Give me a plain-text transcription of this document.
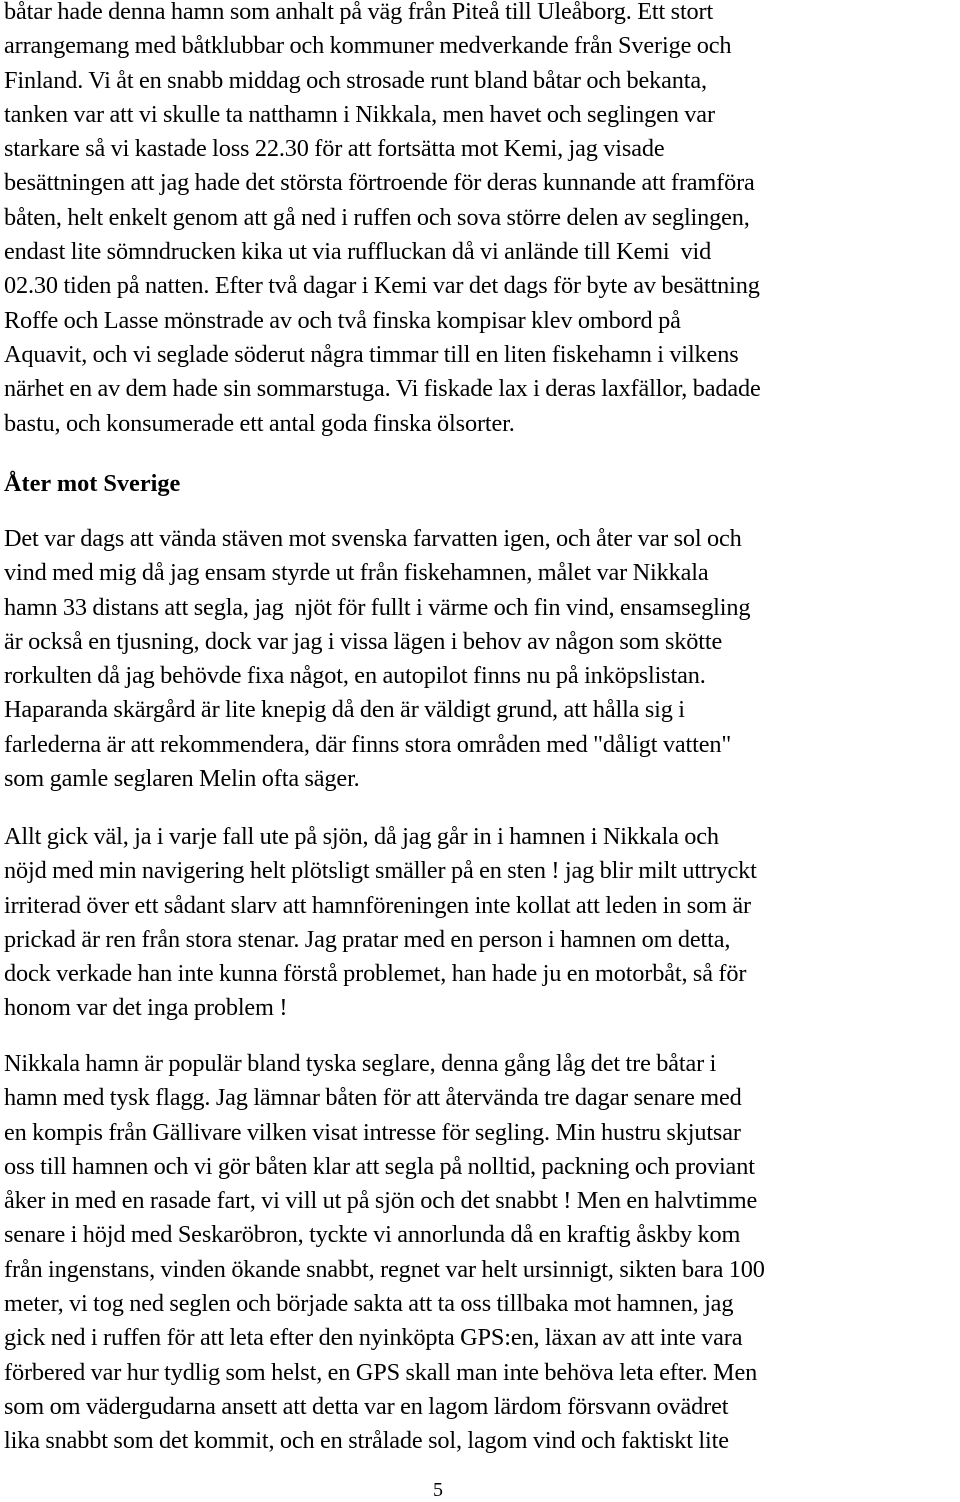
båtar hade denna hamn som anhalt på väg från Piteå till Uleåborg. Ett stort
arrangemang med båtklubbar och kommuner medverkande från Sverige och
Finland. Vi åt en snabb middag och strosade runt bland båtar och bekanta,
tanken var att vi skulle ta natthamn i Nikkala, men havet och seglingen var
starkare så vi kastade loss 22.30 för att fortsätta mot Kemi, jag visade
besättningen att jag hade det största förtroende för deras kunnande att framföra
båten, helt enkelt genom att gå ned i ruffen och sova större delen av seglingen,
endast lite sömndrucken kika ut via ruffluckan då vi anlände till Kemi  vid
02.30 tiden på natten. Efter två dagar i Kemi var det dags för byte av besättning
Roffe och Lasse mönstrade av och två finska kompisar klev ombord på
Aquavit, och vi seglade söderut några timmar till en liten fiskehamn i vilkens
närhet en av dem hade sin sommarstuga. Vi fiskade lax i deras laxfällor, badade
bastu, och konsumerade ett antal goda finska ölsorter.

Åter mot Sverige

Det var dags att vända stäven mot svenska farvatten igen, och åter var sol och
vind med mig då jag ensam styrde ut från fiskehamnen, målet var Nikkala
hamn 33 distans att segla, jag  njöt för fullt i värme och fin vind, ensamsegling
är också en tjusning, dock var jag i vissa lägen i behov av någon som skötte
rorkulten då jag behövde fixa något, en autopilot finns nu på inköpslistan.
Haparanda skärgård är lite knepig då den är väldigt grund, att hålla sig i
farlederna är att rekommendera, där finns stora områden med "dåligt vatten"
som gamle seglaren Melin ofta säger.

Allt gick väl, ja i varje fall ute på sjön, då jag går in i hamnen i Nikkala och
nöjd med min navigering helt plötsligt smäller på en sten ! jag blir milt uttryckt
irriterad över ett sådant slarv att hamnföreningen inte kollat att leden in som är
prickad är ren från stora stenar. Jag pratar med en person i hamnen om detta,
dock verkade han inte kunna förstå problemet, han hade ju en motorbåt, så för
honom var det inga problem !

Nikkala hamn är populär bland tyska seglare, denna gång låg det tre båtar i
hamn med tysk flagg. Jag lämnar båten för att återvända tre dagar senare med
en kompis från Gällivare vilken visat intresse för segling. Min hustru skjutsar
oss till hamnen och vi gör båten klar att segla på nolltid, packning och proviant
åker in med en rasade fart, vi vill ut på sjön och det snabbt ! Men en halvtimme
senare i höjd med Seskaröbron, tyckte vi annorlunda då en kraftig åskby kom
från ingenstans, vinden ökande snabbt, regnet var helt ursinnigt, sikten bara 100
meter, vi tog ned seglen och började sakta att ta oss tillbaka mot hamnen, jag
gick ned i ruffen för att leta efter den nyinköpta GPS:en, läxan av att inte vara
förbered var hur tydlig som helst, en GPS skall man inte behöva leta efter. Men
som om vädergudarna ansett att detta var en lagom lärdom försvann ovädret
lika snabbt som det kommit, och en strålade sol, lagom vind och faktiskt lite

5
